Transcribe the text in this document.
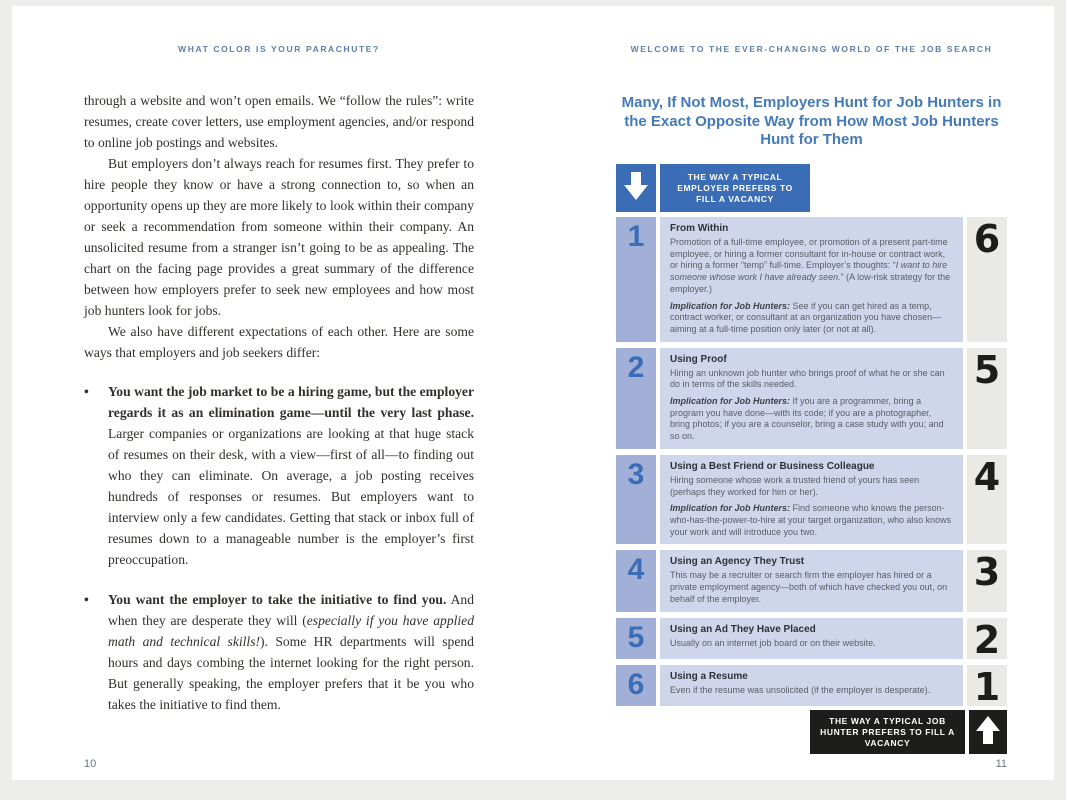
WHAT COLOR IS YOUR PARACHUTE?

through a website and won’t open emails. We “follow the rules”: write resumes, create cover letters, use employment agencies, and/or respond to online job postings and websites.

But employers don’t always reach for resumes first. They prefer to hire people they know or have a strong connection to, so when an opportunity opens up they are more likely to look within their company or seek a recommendation from someone within their company. An unsolicited resume from a stranger isn’t going to be as appealing. The chart on the facing page provides a great summary of the difference between how employers prefer to seek new employees and how most job hunters look for jobs.

We also have different expectations of each other. Here are some ways that employers and job seekers differ:

•	You want the job market to be a hiring game, but the employer regards it as an elimination game—until the very last phase. Larger companies or organizations are looking at that huge stack of resumes on their desk, with a view—first of all—to finding out who they can eliminate. On average, a job posting receives hundreds of responses or resumes. But employers want to interview only a few candidates. Getting that stack or inbox full of resumes down to a manageable number is the employer’s first preoccupation.
•	You want the employer to take the initiative to find you. And when they are desperate they will (especially if you have applied math and technical skills!). Some HR departments will spend hours and days combing the internet looking for the right person. But generally speaking, the employer prefers that it be you who takes the initiative to find them.
10
WELCOME TO THE EVER-CHANGING WORLD OF THE JOB SEARCH
Many, If Not Most, Employers Hunt for Job Hunters in the Exact Opposite Way from How Most Job Hunters Hunt for Them
THE WAY A TYPICAL EMPLOYER PREFERS TO FILL A VACANCY
1	From Within
Promotion of a full-time employee, or promotion of a present part-time employee, or hiring a former consultant for in-house or contract work, or hiring a former “temp” full-time. Employer’s thoughts: “I want to hire someone whose work I have already seen.” (A low-risk strategy for the employer.)
Implication for Job Hunters: See if you can get hired as a temp, contract worker, or consultant at an organization you have chosen—aiming at a full-time position only later (or not at all).
6
2	Using Proof
Hiring an unknown job hunter who brings proof of what he or she can do in terms of the skills needed.
Implication for Job Hunters: If you are a programmer, bring a program you have done—with its code; if you are a photographer, bring photos; if you are a counselor, bring a case study with you; and so on.
5
3	Using a Best Friend or Business Colleague
Hiring someone whose work a trusted friend of yours has seen (perhaps they worked for him or her).
Implication for Job Hunters: Find someone who knows the person-who-has-the-power-to-hire at your target organization, who also knows your work and will introduce you two.
4
4	Using an Agency They Trust
This may be a recruiter or search firm the employer has hired or a private employment agency—both of which have checked you out, on behalf of the employer.
3
5	Using an Ad They Have Placed
Usually on an internet job board or on their website.	2
6	Using a Resume
Even if the resume was unsolicited (if the employer is desperate).	1
THE WAY A TYPICAL JOB HUNTER PREFERS TO FILL A VACANCY
11
